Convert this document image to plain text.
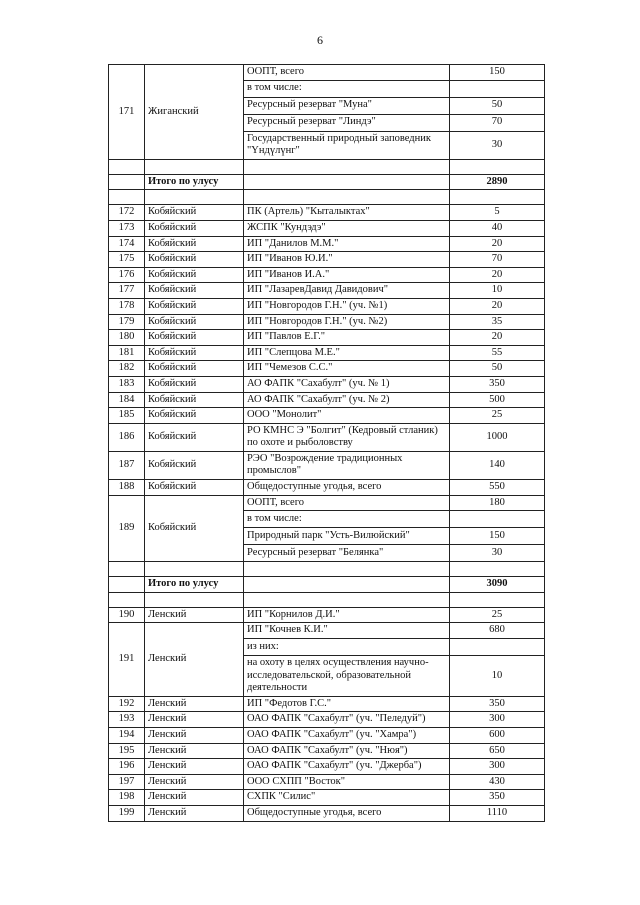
6
171	Жиганский	ООПТ, всего	150
		в том числе:	
		Ресурсный резерват "Муна"	50
		Ресурсный резерват "Линдэ"	70
		Государственный природный заповедник "Үндүлүнг"	30

	Итого по улусу		2890

172	Кобяйский	ПК (Артель) "Кыталыктах"	5
173	Кобяйский	ЖСПК "Кундэдэ"	40
174	Кобяйский	ИП "Данилов М.М."	20
175	Кобяйский	ИП "Иванов Ю.И."	70
176	Кобяйский	ИП "Иванов И.А."	20
177	Кобяйский	ИП "ЛазаревДавид Давидович"	10
178	Кобяйский	ИП "Новгородов Г.Н." (уч. №1)	20
179	Кобяйский	ИП "Новгородов Г.Н." (уч. №2)	35
180	Кобяйский	ИП "Павлов Е.Г."	20
181	Кобяйский	ИП "Слепцова М.Е."	55
182	Кобяйский	ИП "Чемезов С.С."	50
183	Кобяйский	АО ФАПК "Сахабулт" (уч. № 1)	350
184	Кобяйский	АО ФАПК "Сахабулт" (уч. № 2)	500
185	Кобяйский	ООО "Монолит"	25
186	Кобяйский	РО КМНС Э "Болгит" (Кедровый стланик) по охоте и рыболовству	1000
187	Кобяйский	РЭО "Возрождение традиционных промыслов"	140
188	Кобяйский	Общедоступные угодья, всего	550
189	Кобяйский	ООПТ, всего	180
		в том числе:	
		Природный парк "Усть-Вилюйский"	150
		Ресурсный резерват "Белянка"	30

	Итого по улусу		3090

190	Ленский	ИП "Корнилов Д.И."	25
191	Ленский	ИП "Кочнев К.И."	680
		из них:	
		на охоту в целях осуществления научно-исследовательской, образовательной деятельности	10
192	Ленский	ИП "Федотов Г.С."	350
193	Ленский	ОАО ФАПК "Сахабулт" (уч. "Пеледуй")	300
194	Ленский	ОАО ФАПК "Сахабулт" (уч. "Хамра")	600
195	Ленский	ОАО ФАПК "Сахабулт" (уч. "Нюя")	650
196	Ленский	ОАО ФАПК "Сахабулт" (уч. "Джерба")	300
197	Ленский	ООО СХПП "Восток"	430
198	Ленский	СХПК "Силис"	350
199	Ленский	Общедоступные угодья, всего	1110
